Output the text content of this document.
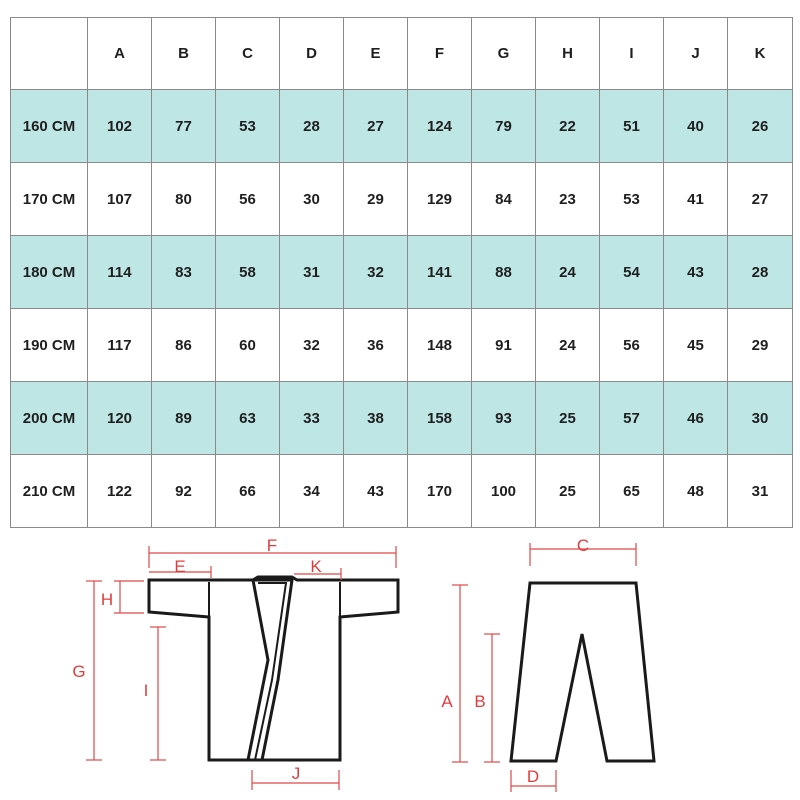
	A	B	C	D	E	F	G	H	I	J	K
160 CM	102	77	53	28	27	124	79	22	51	40	26
170 CM	107	80	56	30	29	129	84	23	53	41	27
180 CM	114	83	58	31	32	141	88	24	54	43	28
190 CM	117	86	60	32	36	148	91	24	56	45	29
200 CM	120	89	63	33	38	158	93	25	57	46	30
210 CM	122	92	66	34	43	170	100	25	65	48	31
E
F
K
H
G
I
J
C
A B
D
